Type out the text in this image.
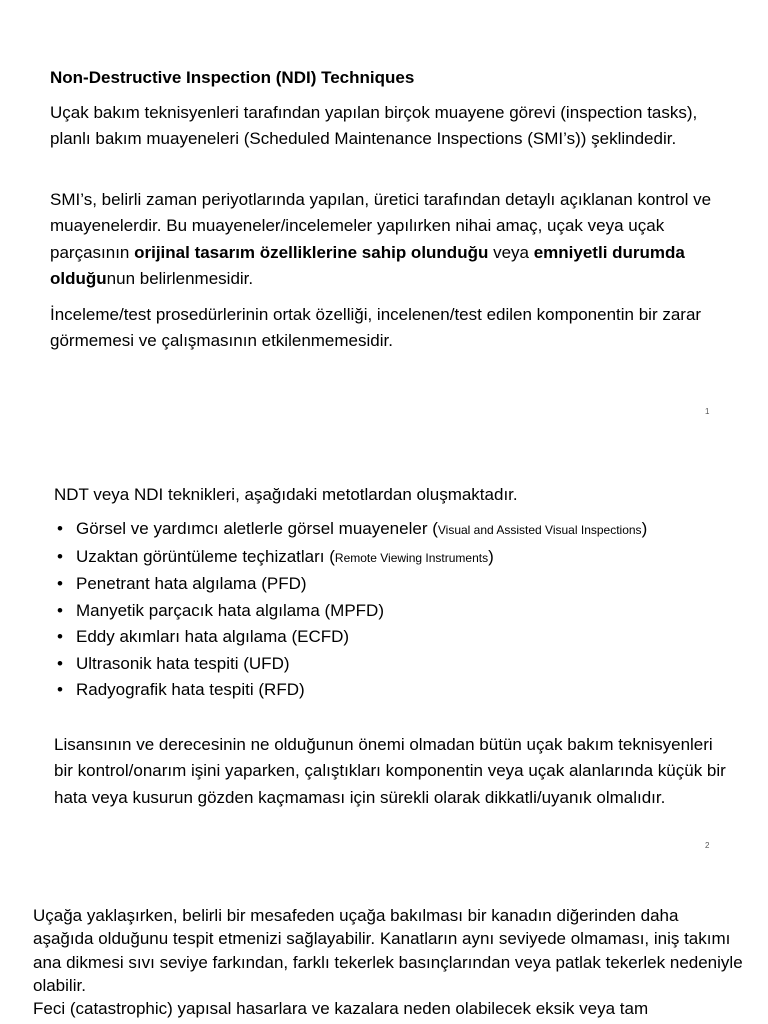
Non-Destructive Inspection (NDI) Techniques

Uçak bakım teknisyenleri tarafından yapılan birçok muayene görevi (inspection tasks), planlı bakım muayeneleri (Scheduled Maintenance Inspections (SMI’s)) şeklindedir.

SMI’s, belirli zaman periyotlarında yapılan, üretici tarafından detaylı açıklanan kontrol ve muayenelerdir. Bu muayeneler/incelemeler yapılırken nihai amaç, uçak veya uçak parçasının orijinal tasarım özelliklerine sahip olunduğu veya emniyetli durumda olduğunun belirlenmesidir.

İnceleme/test prosedürlerinin ortak özelliği, incelenen/test edilen komponentin bir zarar görmemesi ve çalışmasının etkilenmemesidir.

1
NDT veya NDI teknikleri, aşağıdaki metotlardan oluşmaktadır.
• Görsel ve yardımcı aletlerle görsel muayeneler (Visual and Assisted Visual Inspections)
• Uzaktan görüntüleme teçhizatları (Remote Viewing Instruments)
• Penetrant hata algılama (PFD)
• Manyetik parçacık hata algılama (MPFD)
• Eddy akımları hata algılama (ECFD)
• Ultrasonik hata tespiti (UFD)
• Radyografik hata tespiti (RFD)

Lisansının ve derecesinin ne olduğunun önemi olmadan bütün uçak bakım teknisyenleri bir kontrol/onarım işini yaparken, çalıştıkları komponentin veya uçak alanlarında küçük bir hata veya kusurun gözden kaçmaması için sürekli olarak dikkatli/uyanık olmalıdır.

2

Uçağa yaklaşırken, belirli bir mesafeden uçağa bakılması bir kanadın diğerinden daha aşağıda olduğunu tespit etmenizi sağlayabilir. Kanatların aynı seviyede olmaması, iniş takımı ana dikmesi sıvı seviye farkından, farklı tekerlek basınçlarından veya patlak tekerlek nedeniyle olabilir.

Feci (catastrophic) yapısal hasarlara ve kazalara neden olabilecek eksik veya tam
